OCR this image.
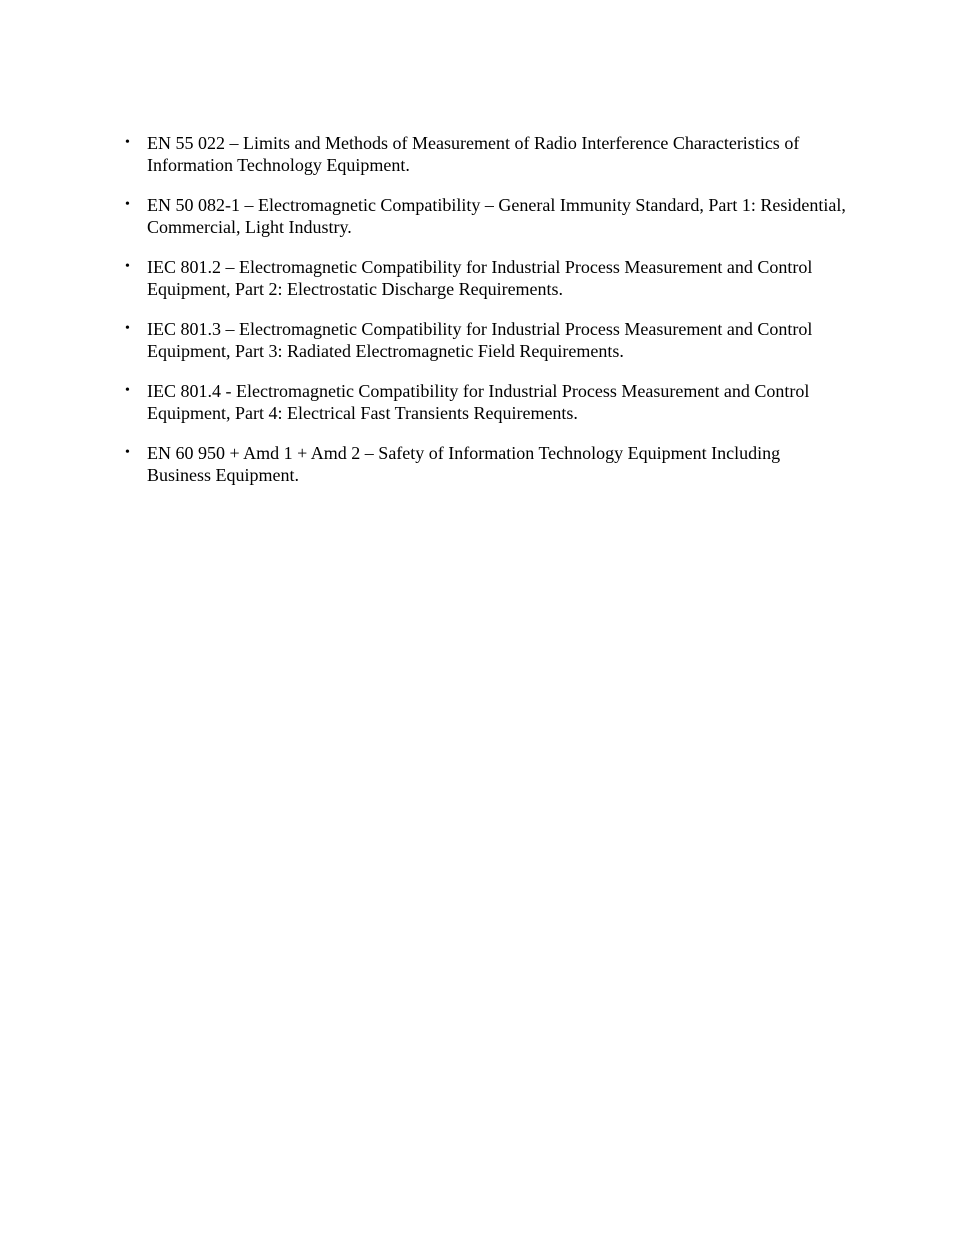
• EN 55 022 – Limits and Methods of Measurement of Radio Interference Characteristics of Information Technology Equipment.
• EN 50 082-1 – Electromagnetic Compatibility – General Immunity Standard, Part 1: Residential, Commercial, Light Industry.
• IEC 801.2 – Electromagnetic Compatibility for Industrial Process Measurement and Control Equipment, Part 2: Electrostatic Discharge Requirements.
• IEC 801.3 – Electromagnetic Compatibility for Industrial Process Measurement and Control Equipment, Part 3: Radiated Electromagnetic Field Requirements.
• IEC 801.4 - Electromagnetic Compatibility for Industrial Process Measurement and Control Equipment, Part 4: Electrical Fast Transients Requirements.
• EN 60 950 + Amd 1 + Amd 2 – Safety of Information Technology Equipment Including Business Equipment.
